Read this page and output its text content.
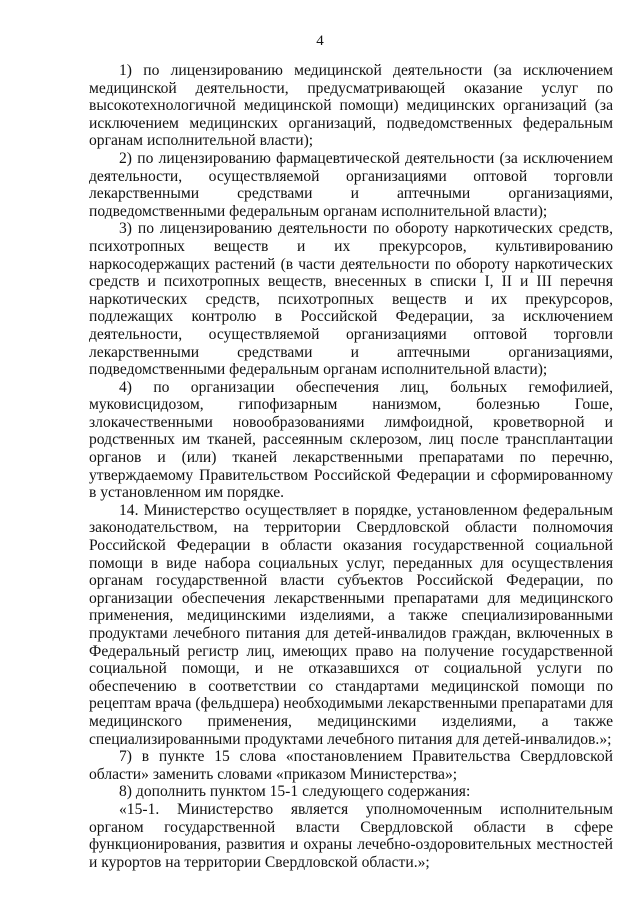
4

1) по лицензированию медицинской деятельности (за исключением медицинской деятельности, предусматривающей оказание услуг по высокотехнологичной медицинской помощи) медицинских организаций (за исключением медицинских организаций, подведомственных федеральным органам исполнительной власти);

2) по лицензированию фармацевтической деятельности (за исключением деятельности, осуществляемой организациями оптовой торговли лекарственными средствами и аптечными организациями, подведомственными федеральным органам исполнительной власти);

3) по лицензированию деятельности по обороту наркотических средств, психотропных веществ и их прекурсоров, культивированию наркосодержащих растений (в части деятельности по обороту наркотических средств и психотропных веществ, внесенных в списки I, II и III перечня наркотических средств, психотропных веществ и их прекурсоров, подлежащих контролю в Российской Федерации, за исключением деятельности, осуществляемой организациями оптовой торговли лекарственными средствами и аптечными организациями, подведомственными федеральным органам исполнительной власти);

4) по организации обеспечения лиц, больных гемофилией, муковисцидозом, гипофизарным нанизмом, болезнью Гоше, злокачественными новообразованиями лимфоидной, кроветворной и родственных им тканей, рассеянным склерозом, лиц после трансплантации органов и (или) тканей лекарственными препаратами по перечню, утверждаемому Правительством Российской Федерации и сформированному в установленном им порядке.

14. Министерство осуществляет в порядке, установленном федеральным законодательством, на территории Свердловской области полномочия Российской Федерации в области оказания государственной социальной помощи в виде набора социальных услуг, переданных для осуществления органам государственной власти субъектов Российской Федерации, по организации обеспечения лекарственными препаратами для медицинского применения, медицинскими изделиями, а также специализированными продуктами лечебного питания для детей-инвалидов граждан, включенных в Федеральный регистр лиц, имеющих право на получение государственной социальной помощи, и не отказавшихся от социальной услуги по обеспечению в соответствии со стандартами медицинской помощи по рецептам врача (фельдшера) необходимыми лекарственными препаратами для медицинского применения, медицинскими изделиями, а также специализированными продуктами лечебного питания для детей-инвалидов.»;

7) в пункте 15 слова «постановлением Правительства Свердловской области» заменить словами «приказом Министерства»;

8) дополнить пунктом 15-1 следующего содержания:

«15-1. Министерство является уполномоченным исполнительным органом государственной власти Свердловской области в сфере функционирования, развития и охраны лечебно-оздоровительных местностей и курортов на территории Свердловской области.»;
